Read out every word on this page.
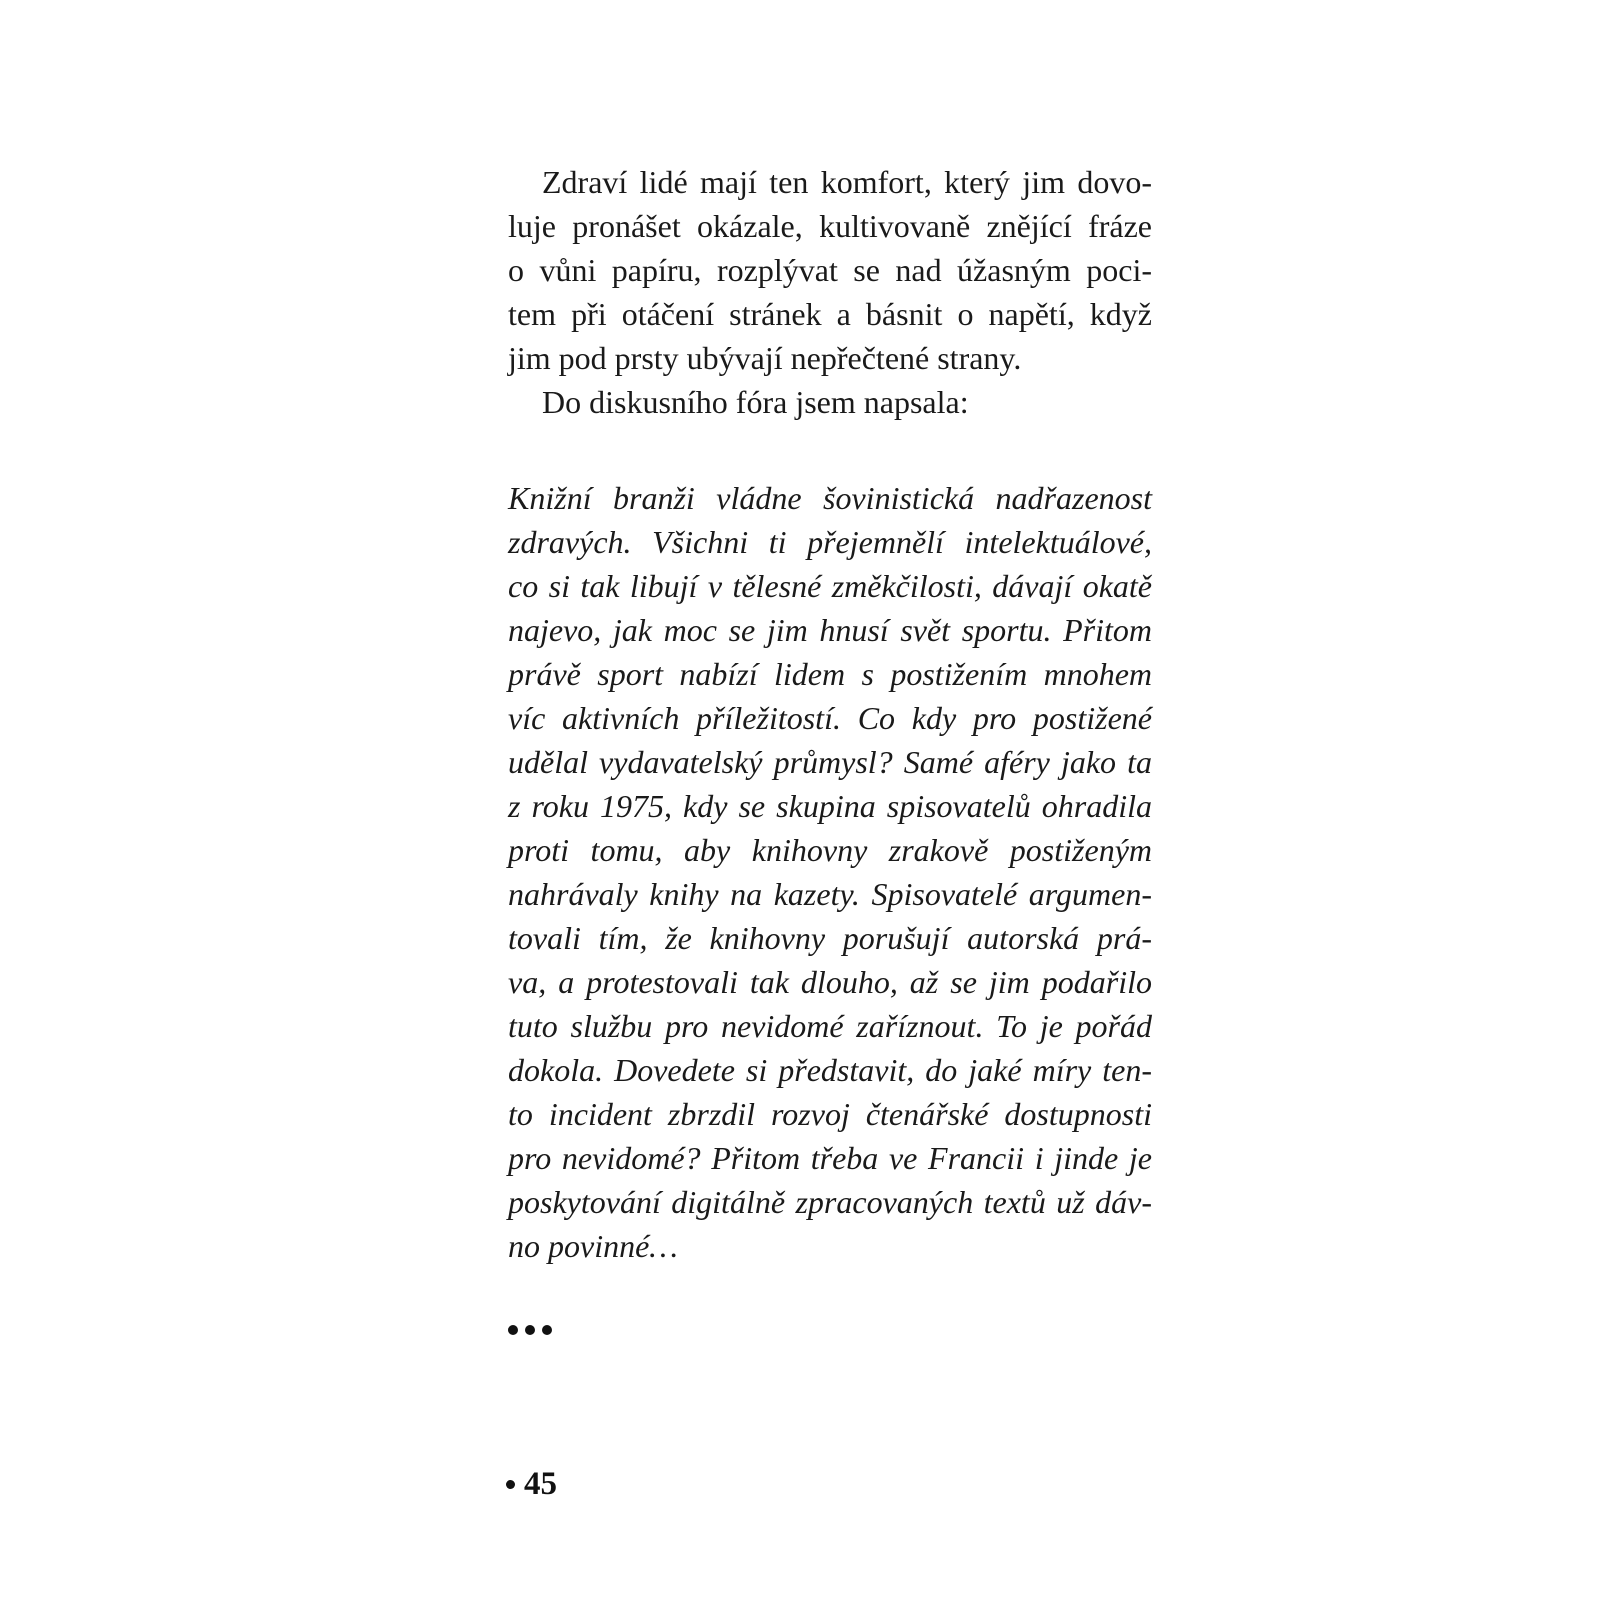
Zdraví lidé mají ten komfort, který jim dovo-
luje pronášet okázale, kultivovaně znějící fráze
o vůni papíru, rozplývat se nad úžasným poci-
tem při otáčení stránek a básnit o napětí, když
jim pod prsty ubývají nepřečtené strany.
Do diskusního fóra jsem napsala:
Knižní branži vládne šovinistická nadřazenost
zdravých. Všichni ti přejemnělí intelektuálové,
co si tak libují v tělesné změkčilosti, dávají okatě
najevo, jak moc se jim hnusí svět sportu. Přitom
právě sport nabízí lidem s postižením mnohem
víc aktivních příležitostí. Co kdy pro postižené
udělal vydavatelský průmysl? Samé aféry jako ta
z roku 1975, kdy se skupina spisovatelů ohradila
proti tomu, aby knihovny zrakově postiženým
nahrávaly knihy na kazety. Spisovatelé argumen-
tovali tím, že knihovny porušují autorská prá-
va, a protestovali tak dlouho, až se jim podařilo
tuto službu pro nevidomé zaříznout. To je pořád
dokola. Dovedete si představit, do jaké míry ten-
to incident zbrzdil rozvoj čtenářské dostupnosti
pro nevidomé? Přitom třeba ve Francii i jinde je
poskytování digitálně zpracovaných textů už dáv-
no povinné…
45
